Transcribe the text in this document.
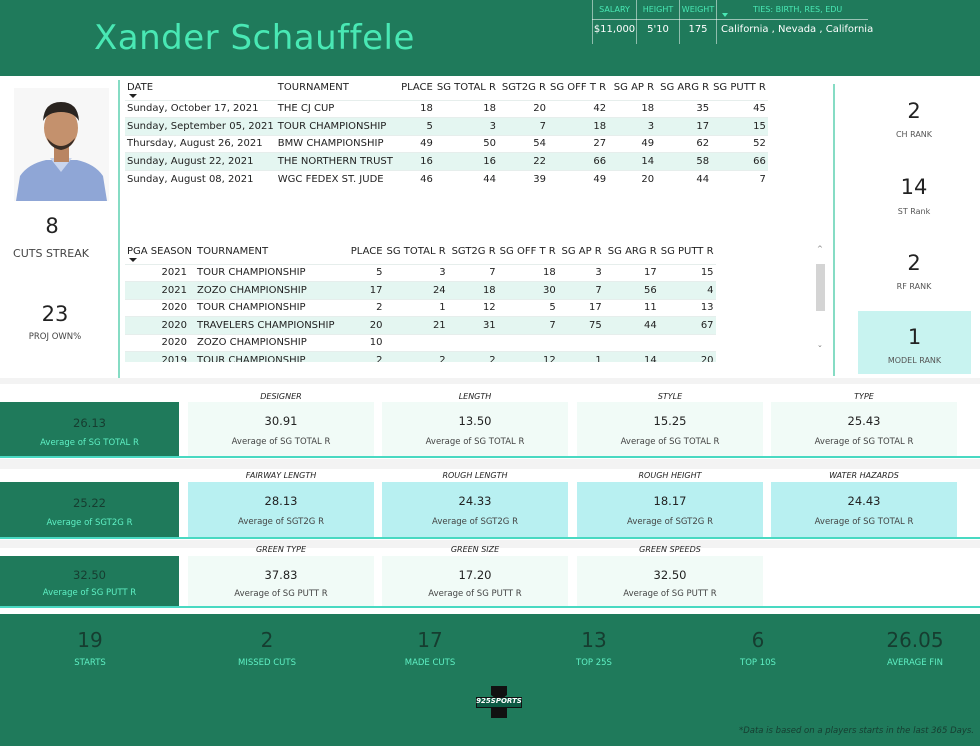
Xander Schauffele
SALARY
$11,000
HEIGHT
5'10
WEIGHT
175
TIES: BIRTH, RES, EDU
California , Nevada , California
8
CUTS STREAK
23
PROJ OWN%
DATE	TOURNAMENT	PLACE	SG TOTAL R	SGT2G R	SG OFF T R	SG AP R	SG ARG R	SG PUTT R
Sunday, October 17, 2021	THE CJ CUP	18	18	20	42	18	35	45
Sunday, September 05, 2021	TOUR CHAMPIONSHIP	5	3	7	18	3	17	15
Thursday, August 26, 2021	BMW CHAMPIONSHIP	49	50	54	27	49	62	52
Sunday, August 22, 2021	THE NORTHERN TRUST	16	16	22	66	14	58	66
Sunday, August 08, 2021	WGC FEDEX ST. JUDE	46	44	39	49	20	44	7
PGA SEASON	TOURNAMENT	PLACE	SG TOTAL R	SGT2G R	SG OFF T R	SG AP R	SG ARG R	SG PUTT R
2021	TOUR CHAMPIONSHIP	5	3	7	18	3	17	15
2021	ZOZO CHAMPIONSHIP	17	24	18	30	7	56	4
2020	TOUR CHAMPIONSHIP	2	1	12	5	17	11	13
2020	TRAVELERS CHAMPIONSHIP	20	21	31	7	75	44	67
2020	ZOZO CHAMPIONSHIP	10						
2019	TOUR CHAMPIONSHIP	2	2	2	12	1	14	20
^
⌄
2
CH RANK
14
ST Rank
2
RF RANK
1
MODEL RANK
26.13
Average of SG TOTAL R
DESIGNER
30.91
Average of SG TOTAL R
LENGTH
13.50
Average of SG TOTAL R
STYLE
15.25
Average of SG TOTAL R
TYPE
25.43
Average of SG TOTAL R
25.22
Average of SGT2G R
FAIRWAY LENGTH
28.13
Average of SGT2G R
ROUGH LENGTH
24.33
Average of SGT2G R
ROUGH HEIGHT
18.17
Average of SGT2G R
WATER HAZARDS
24.43
Average of SG TOTAL R
32.50
Average of SG PUTT R
GREEN TYPE
37.83
Average of SG PUTT R
GREEN SIZE
17.20
Average of SG PUTT R
GREEN SPEEDS
32.50
Average of SG PUTT R
19
STARTS
2
MISSED CUTS
17
MADE CUTS
13
TOP 25S
6
TOP 10S
26.05
AVERAGE FIN
925SPORTS
*Data is based on a players starts in the last 365 Days.
